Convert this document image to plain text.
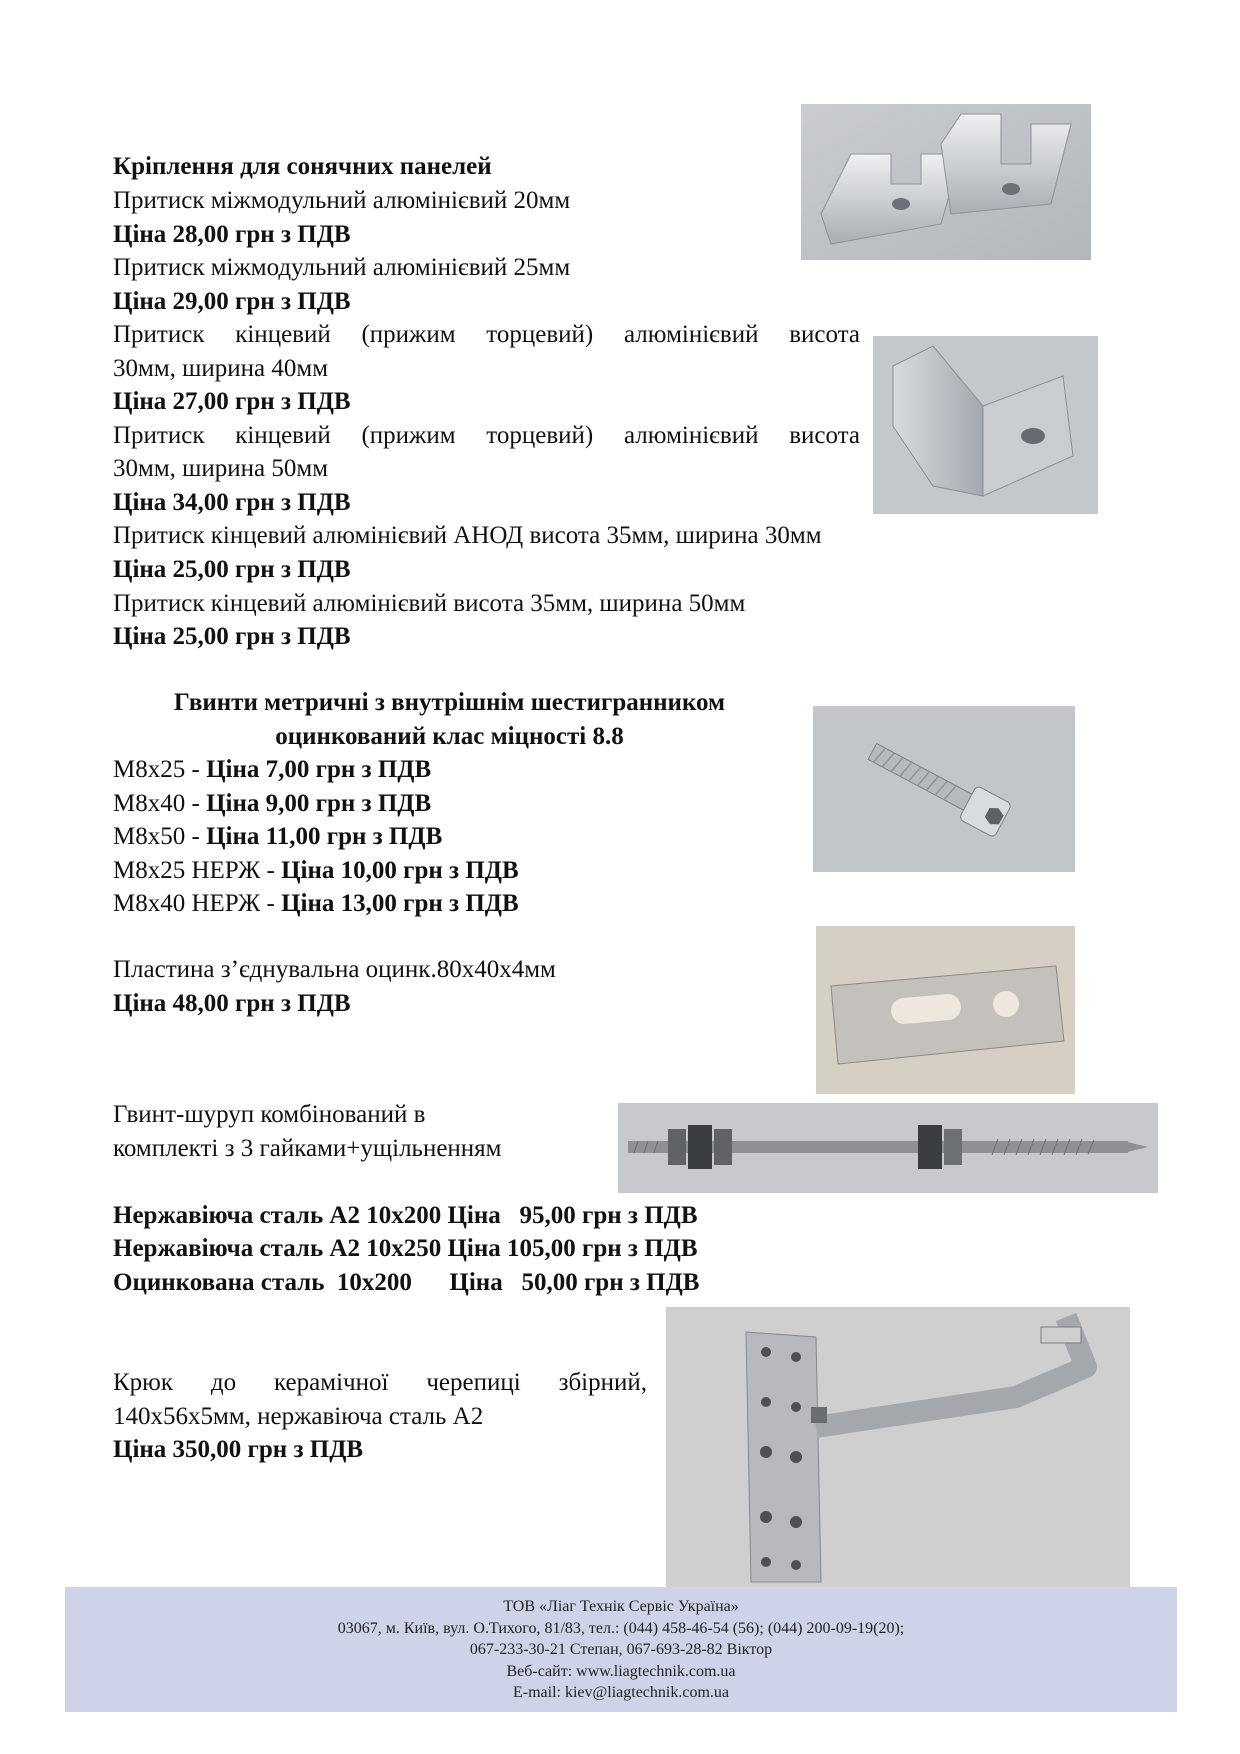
Кріплення для сонячних панелей
Притиск міжмодульний алюмінієвий 20мм
Ціна 28,00 грн з ПДВ
Притиск міжмодульний алюмінієвий 25мм
Ціна 29,00 грн з ПДВ
Притиск кінцевий (прижим торцевий) алюмінієвий висота
30мм, ширина 40мм
Ціна 27,00 грн з ПДВ
Притиск кінцевий (прижим торцевий) алюмінієвий висота
30мм, ширина 50мм
Ціна 34,00 грн з ПДВ
Притиск кінцевий алюмінієвий АНОД висота 35мм, ширина 30мм
Ціна 25,00 грн з ПДВ
Притиск кінцевий алюмінієвий висота 35мм, ширина 50мм
Ціна 25,00 грн з ПДВ
Гвинти метричні з внутрішнім шестигранником
оцинкований клас міцності 8.8
М8х25 - Ціна 7,00 грн з ПДВ
М8х40 - Ціна 9,00 грн з ПДВ
М8х50 - Ціна 11,00 грн з ПДВ
М8х25 НЕРЖ - Ціна 10,00 грн з ПДВ
М8х40 НЕРЖ - Ціна 13,00 грн з ПДВ
Пластина з’єднувальна оцинк.80х40х4мм
Ціна 48,00 грн з ПДВ
Гвинт-шуруп комбінований в
комплекті з 3 гайками+ущільненням
Нержавіюча сталь А2 10х200 Ціна   95,00 грн з ПДВ
Нержавіюча сталь А2 10х250 Ціна 105,00 грн з ПДВ
Оцинкована сталь  10х200      Ціна   50,00 грн з ПДВ
Крюк до керамічної черепиці збірний,
140х56х5мм, нержавіюча сталь А2
Ціна 350,00 грн з ПДВ
ТОВ «Ліаг Технік Сервіс Україна»
03067, м. Київ, вул. О.Тихого, 81/83, тел.: (044) 458-46-54 (56); (044) 200-09-19(20);
067-233-30-21 Степан, 067-693-28-82 Віктор
Веб-сайт: www.liagtechnik.com.ua
E-mail: kiev@liagtechnik.com.ua
